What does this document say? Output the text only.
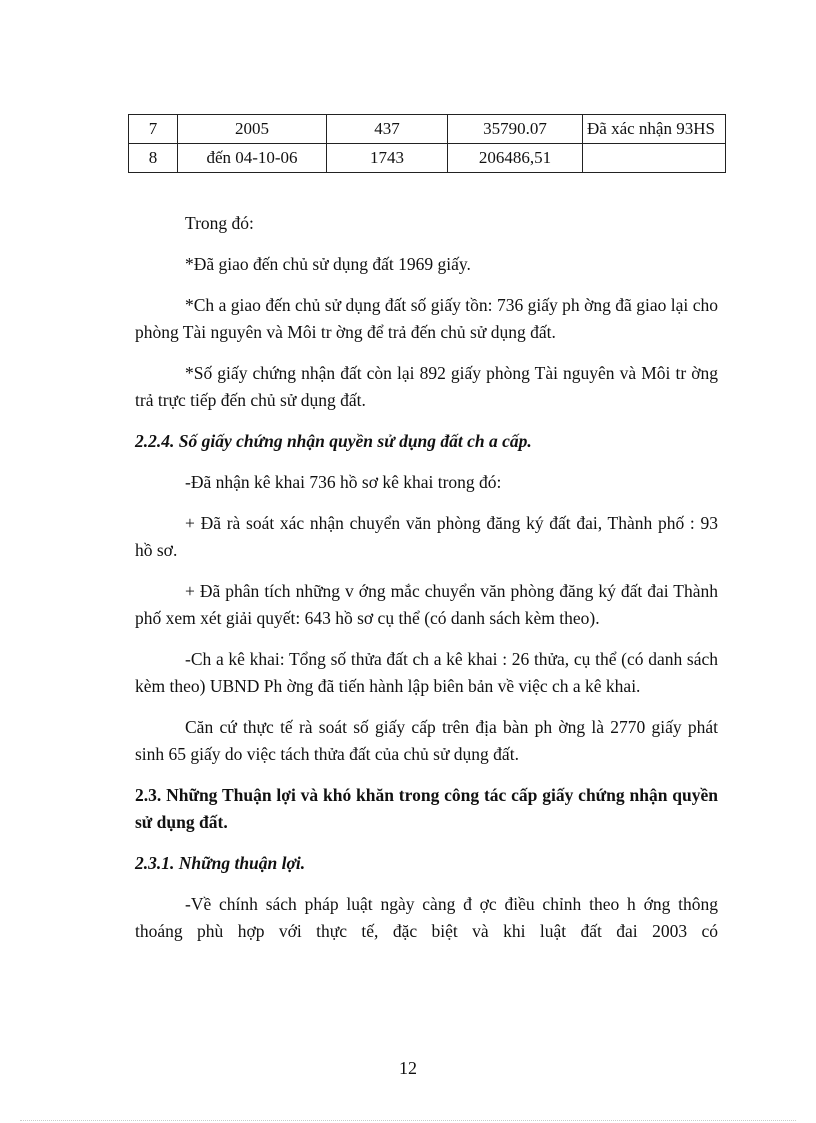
7	2005	437	35790.07	Đã xác nhận 93HS
8	đến 04-10-06	1743	206486,51	

Trong đó:

*Đã giao đến chủ sử dụng đất 1969 giấy.

*Ch a giao đến chủ sử dụng đất số giấy tồn: 736 giấy ph ờng đã giao lại cho phòng Tài nguyên và Môi tr ờng để trả đến chủ sử dụng đất.

*Số giấy chứng nhận đất còn lại 892 giấy phòng Tài nguyên và Môi tr ờng trả trực tiếp đến chủ sử dụng đất.

2.2.4. Số giấy chứng nhận quyền sử dụng đất ch a cấp.

-Đã nhận kê khai 736 hồ sơ kê khai trong đó:

+ Đã rà soát xác nhận chuyển văn phòng đăng ký đất đai, Thành phố : 93 hồ sơ.

+ Đã phân tích những v ớng mắc chuyển văn phòng đăng ký đất đai Thành phố xem xét giải quyết: 643 hồ sơ cụ thể (có danh sách kèm theo).

-Ch a kê khai: Tổng số thửa đất ch a kê khai : 26 thửa, cụ thể (có danh sách kèm theo) UBND Ph ờng đã tiến hành lập biên bản về việc ch a kê khai.

Căn cứ thực tế rà soát số giấy cấp trên địa bàn ph ờng là 2770 giấy phát sinh 65 giấy do việc tách thửa đất của chủ sử dụng đất.

2.3. Những Thuận lợi và khó khăn trong công tác cấp giấy chứng nhận quyền sử dụng đất.

2.3.1. Những thuận lợi.

-Về chính sách pháp luật ngày càng đ ợc điều chỉnh theo h ớng thông thoáng phù hợp với thực tế, đặc biệt và khi luật đất đai 2003 có

12
